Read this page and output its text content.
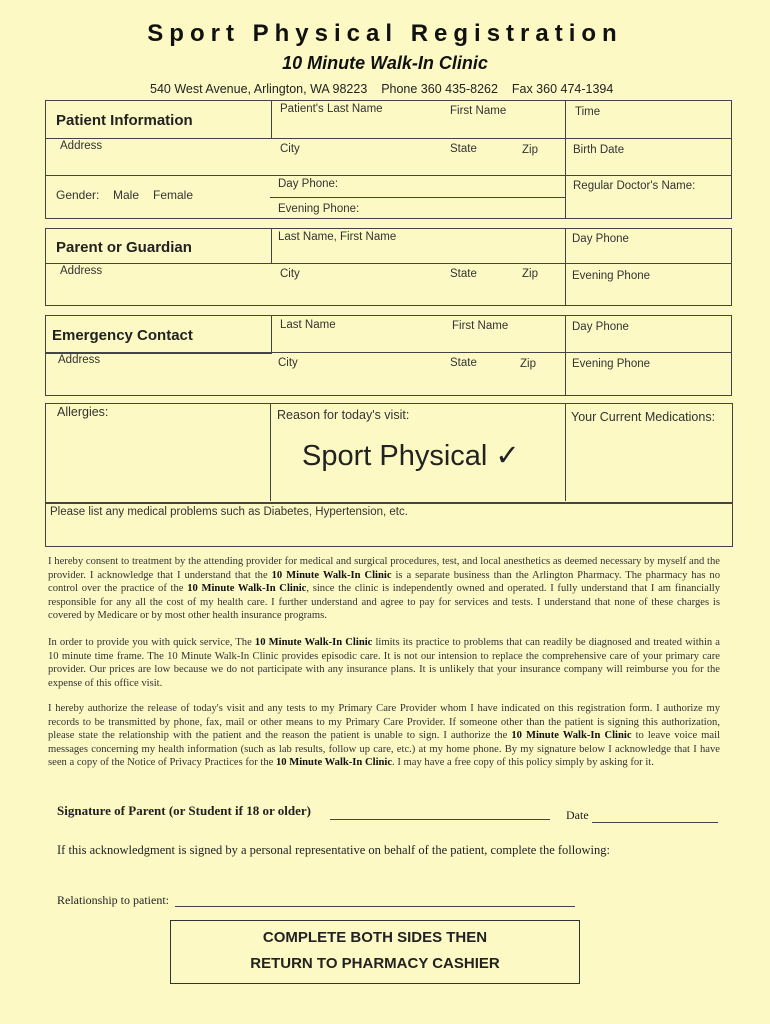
Sport Physical Registration
10 Minute Walk-In Clinic
540 West Avenue, Arlington, WA 98223 Phone 360 435-8262 Fax 360 474-1394
Patient Information
Patient's Last Name	First Name	Time
Address	City	State	Zip	Birth Date
Gender: Male Female
Day Phone:
Evening Phone:
Regular Doctor's Name:
Parent or Guardian
Last Name, First Name	Day Phone
Address	City	State	Zip	Evening Phone
Emergency Contact
Last Name	First Name	Day Phone
Address	City	State	Zip	Evening Phone
Allergies:	Reason for today's visit:
Sport Physical ✓
Your Current Medications:
Please list any medical problems such as Diabetes, Hypertension, etc.
I hereby consent to treatment by the attending provider for medical and surgical procedures, test, and local anesthetics as deemed necessary by myself and the provider. I acknowledge that I understand that the 10 Minute Walk-In Clinic is a separate business than the Arlington Pharmacy. The pharmacy has no control over the practice of the 10 Minute Walk-In Clinic, since the clinic is independently owned and operated. I fully understand that I am financially responsible for any all the cost of my health care. I further understand and agree to pay for services and tests. I understand that none of these charges is covered by Medicare or by most other health insurance programs.
In order to provide you with quick service, The 10 Minute Walk-In Clinic limits its practice to problems that can readily be diagnosed and treated within a 10 minute time frame. The 10 Minute Walk-In Clinic provides episodic care. It is not our intension to replace the comprehensive care of your primary care provider. Our prices are low because we do not participate with any insurance plans. It is unlikely that your insurance company will reimburse you for the expense of this office visit.
I hereby authorize the release of today's visit and any tests to my Primary Care Provider whom I have indicated on this registration form. I authorize my records to be transmitted by phone, fax, mail or other means to my Primary Care Provider. If someone other than the patient is signing this authorization, please state the relationship with the patient and the reason the patient is unable to sign. I authorize the 10 Minute Walk-In Clinic to leave voice mail messages concerning my health information (such as lab results, follow up care, etc.) at my home phone. By my signature below I acknowledge that I have seen a copy of the Notice of Privacy Practices for the 10 Minute Walk-In Clinic. I may have a free copy of this policy simply by asking for it.
Signature of Parent (or Student if 18 or older)	Date
If this acknowledgment is signed by a personal representative on behalf of the patient, complete the following:
Relationship to patient:
COMPLETE BOTH SIDES THEN
RETURN TO PHARMACY CASHIER
